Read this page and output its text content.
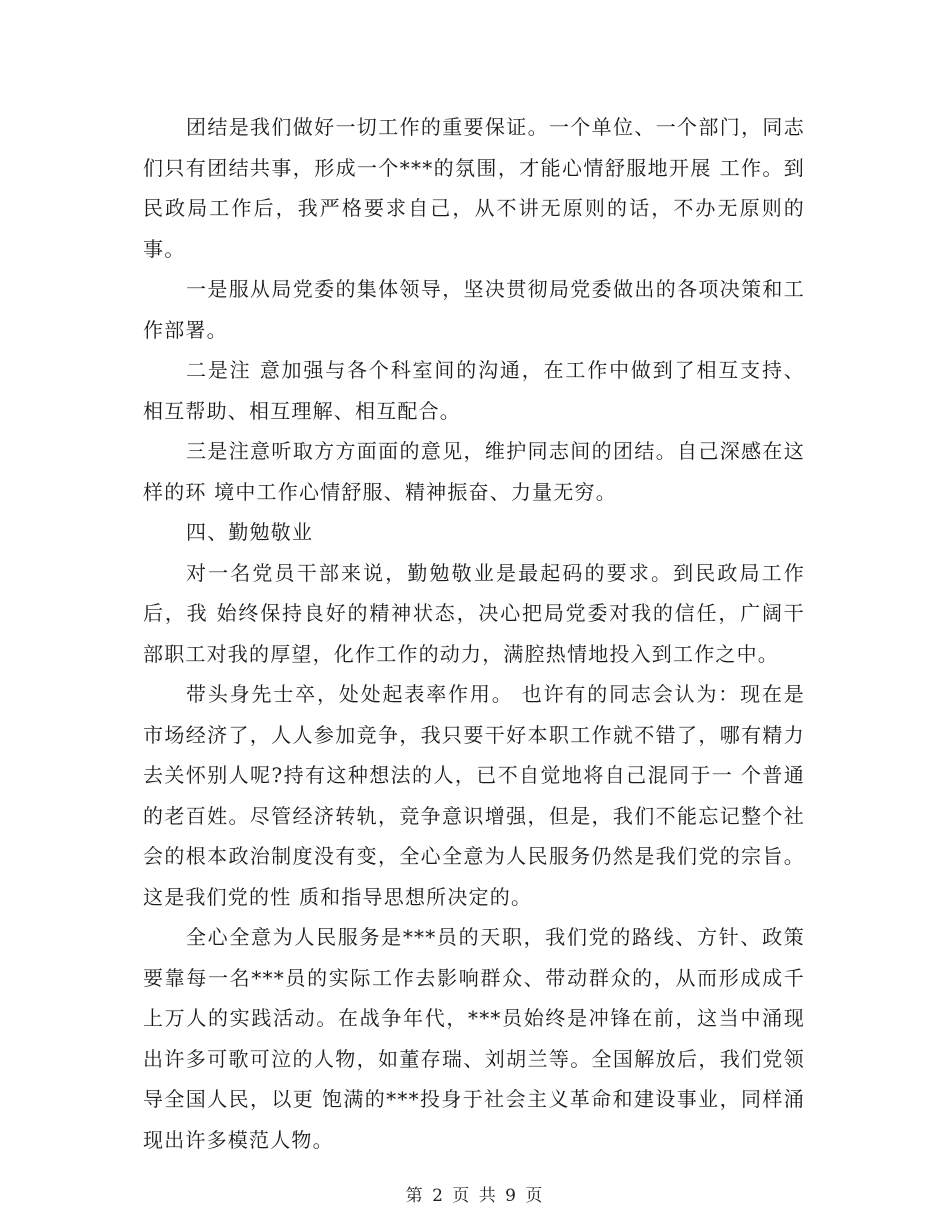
团结是我们做好一切工作的重要保证。一个单位、一个部门，同志们只有团结共事，形成一个***的氛围，才能心情舒服地开展 工作。到民政局工作后，我严格要求自己，从不讲无原则的话，不办无原则的事。

一是服从局党委的集体领导，坚决贯彻局党委做出的各项决策和工作部署。

二是注 意加强与各个科室间的沟通，在工作中做到了相互支持、相互帮助、相互理解、相互配合。

三是注意听取方方面面的意见，维护同志间的团结。自己深感在这样的环 境中工作心情舒服、精神振奋、力量无穷。

四、勤勉敬业

对一名党员干部来说，勤勉敬业是最起码的要求。到民政局工作后，我 始终保持良好的精神状态，决心把局党委对我的信任，广阔干部职工对我的厚望，化作工作的动力，满腔热情地投入到工作之中。

带头身先士卒，处处起表率作用。 也许有的同志会认为：现在是市场经济了，人人参加竞争，我只要干好本职工作就不错了，哪有精力去关怀别人呢?持有这种想法的人，已不自觉地将自己混同于一 个普通的老百姓。尽管经济转轨，竞争意识增强，但是，我们不能忘记整个社会的根本政治制度没有变，全心全意为人民服务仍然是我们党的宗旨。这是我们党的性 质和指导思想所决定的。

全心全意为人民服务是***员的天职，我们党的路线、方针、政策要靠每一名***员的实际工作去影响群众、带动群众的，从而形成成千上万人的实践活动。在战争年代，***员始终是冲锋在前，这当中涌现出许多可歌可泣的人物，如董存瑞、刘胡兰等。全国解放后，我们党领导全国人民，以更 饱满的***投身于社会主义革命和建设事业，同样涌现出许多模范人物。

第 2 页 共 9 页
